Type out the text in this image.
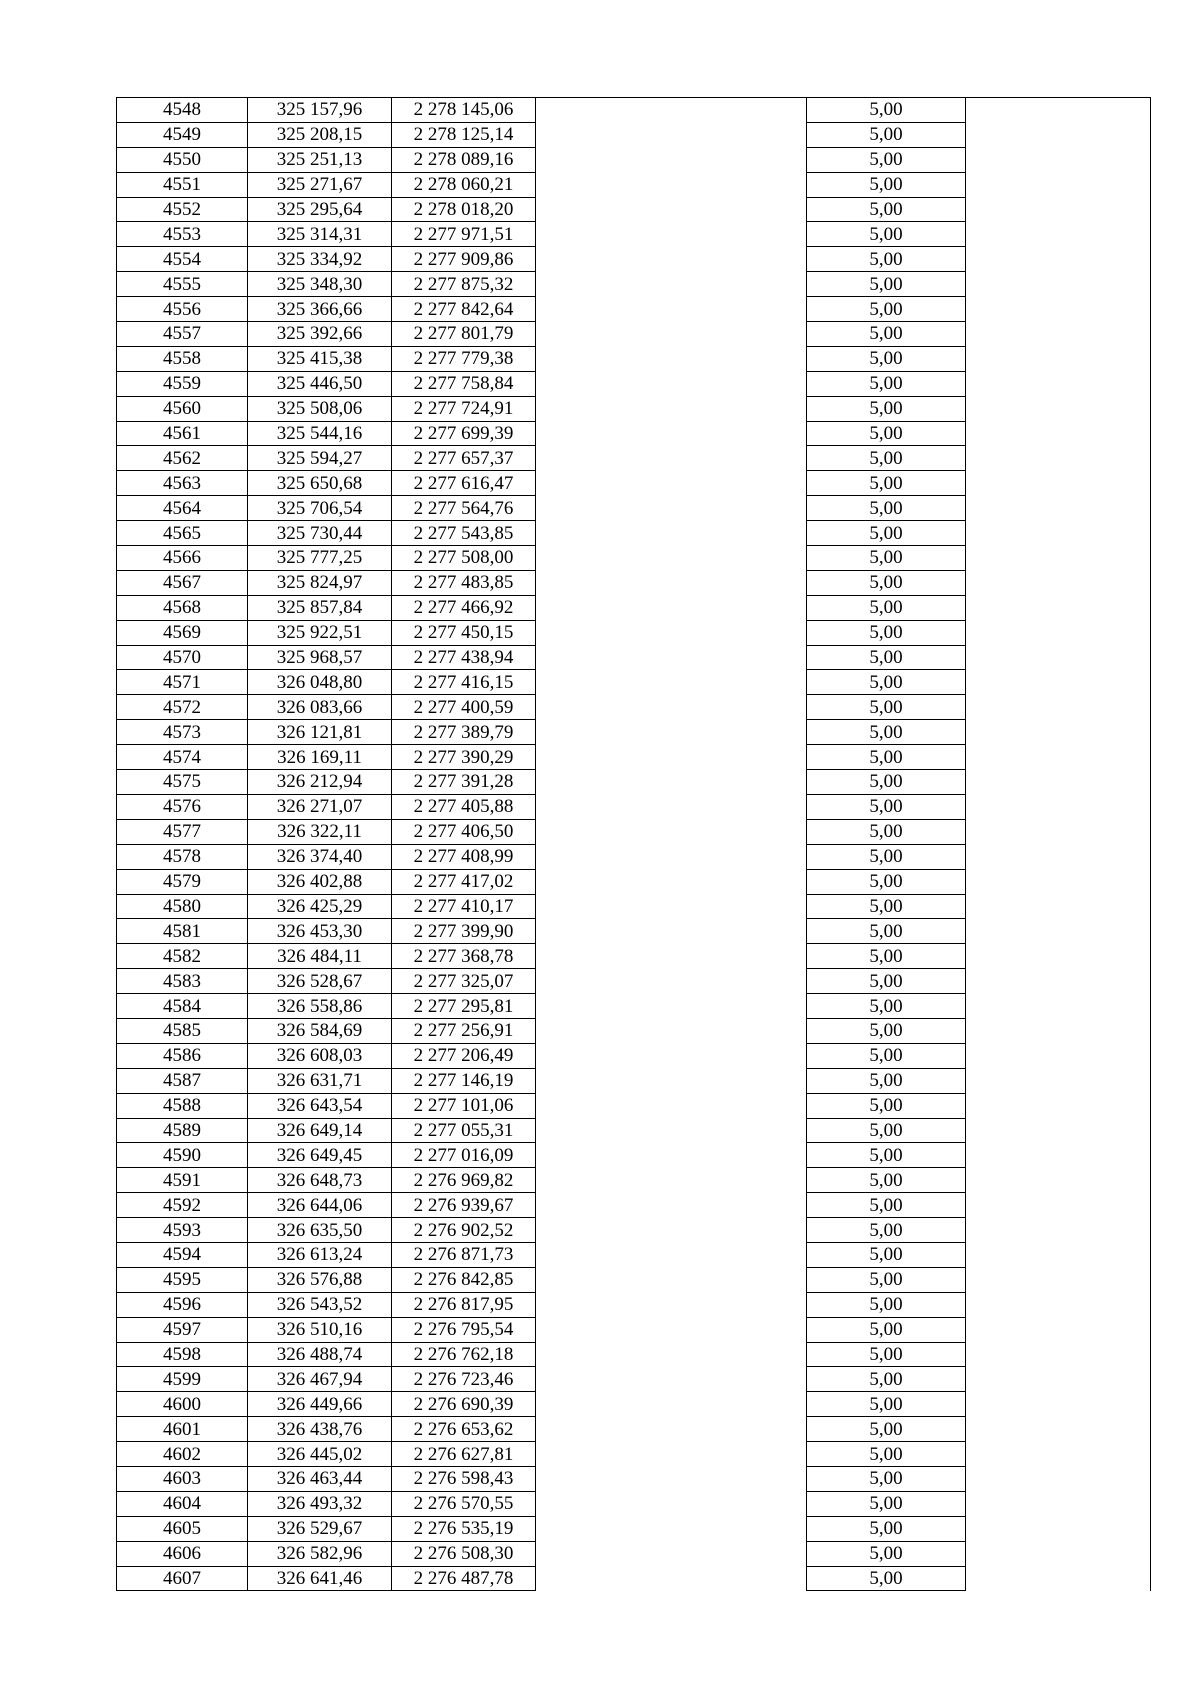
4548	325 157,96	2 278 145,06		5,00	
4549	325 208,15	2 278 125,14		5,00	
4550	325 251,13	2 278 089,16		5,00	
4551	325 271,67	2 278 060,21		5,00	
4552	325 295,64	2 278 018,20		5,00	
4553	325 314,31	2 277 971,51		5,00	
4554	325 334,92	2 277 909,86		5,00	
4555	325 348,30	2 277 875,32		5,00	
4556	325 366,66	2 277 842,64		5,00	
4557	325 392,66	2 277 801,79		5,00	
4558	325 415,38	2 277 779,38		5,00	
4559	325 446,50	2 277 758,84		5,00	
4560	325 508,06	2 277 724,91		5,00	
4561	325 544,16	2 277 699,39		5,00	
4562	325 594,27	2 277 657,37		5,00	
4563	325 650,68	2 277 616,47		5,00	
4564	325 706,54	2 277 564,76		5,00	
4565	325 730,44	2 277 543,85		5,00	
4566	325 777,25	2 277 508,00		5,00	
4567	325 824,97	2 277 483,85		5,00	
4568	325 857,84	2 277 466,92		5,00	
4569	325 922,51	2 277 450,15		5,00	
4570	325 968,57	2 277 438,94		5,00	
4571	326 048,80	2 277 416,15		5,00	
4572	326 083,66	2 277 400,59		5,00	
4573	326 121,81	2 277 389,79		5,00	
4574	326 169,11	2 277 390,29		5,00	
4575	326 212,94	2 277 391,28		5,00	
4576	326 271,07	2 277 405,88		5,00	
4577	326 322,11	2 277 406,50		5,00	
4578	326 374,40	2 277 408,99		5,00	
4579	326 402,88	2 277 417,02		5,00	
4580	326 425,29	2 277 410,17		5,00	
4581	326 453,30	2 277 399,90		5,00	
4582	326 484,11	2 277 368,78		5,00	
4583	326 528,67	2 277 325,07		5,00	
4584	326 558,86	2 277 295,81		5,00	
4585	326 584,69	2 277 256,91		5,00	
4586	326 608,03	2 277 206,49		5,00	
4587	326 631,71	2 277 146,19		5,00	
4588	326 643,54	2 277 101,06		5,00	
4589	326 649,14	2 277 055,31		5,00	
4590	326 649,45	2 277 016,09		5,00	
4591	326 648,73	2 276 969,82		5,00	
4592	326 644,06	2 276 939,67		5,00	
4593	326 635,50	2 276 902,52		5,00	
4594	326 613,24	2 276 871,73		5,00	
4595	326 576,88	2 276 842,85		5,00	
4596	326 543,52	2 276 817,95		5,00	
4597	326 510,16	2 276 795,54		5,00	
4598	326 488,74	2 276 762,18		5,00	
4599	326 467,94	2 276 723,46		5,00	
4600	326 449,66	2 276 690,39		5,00	
4601	326 438,76	2 276 653,62		5,00	
4602	326 445,02	2 276 627,81		5,00	
4603	326 463,44	2 276 598,43		5,00	
4604	326 493,32	2 276 570,55		5,00	
4605	326 529,67	2 276 535,19		5,00	
4606	326 582,96	2 276 508,30		5,00	
4607	326 641,46	2 276 487,78		5,00	
